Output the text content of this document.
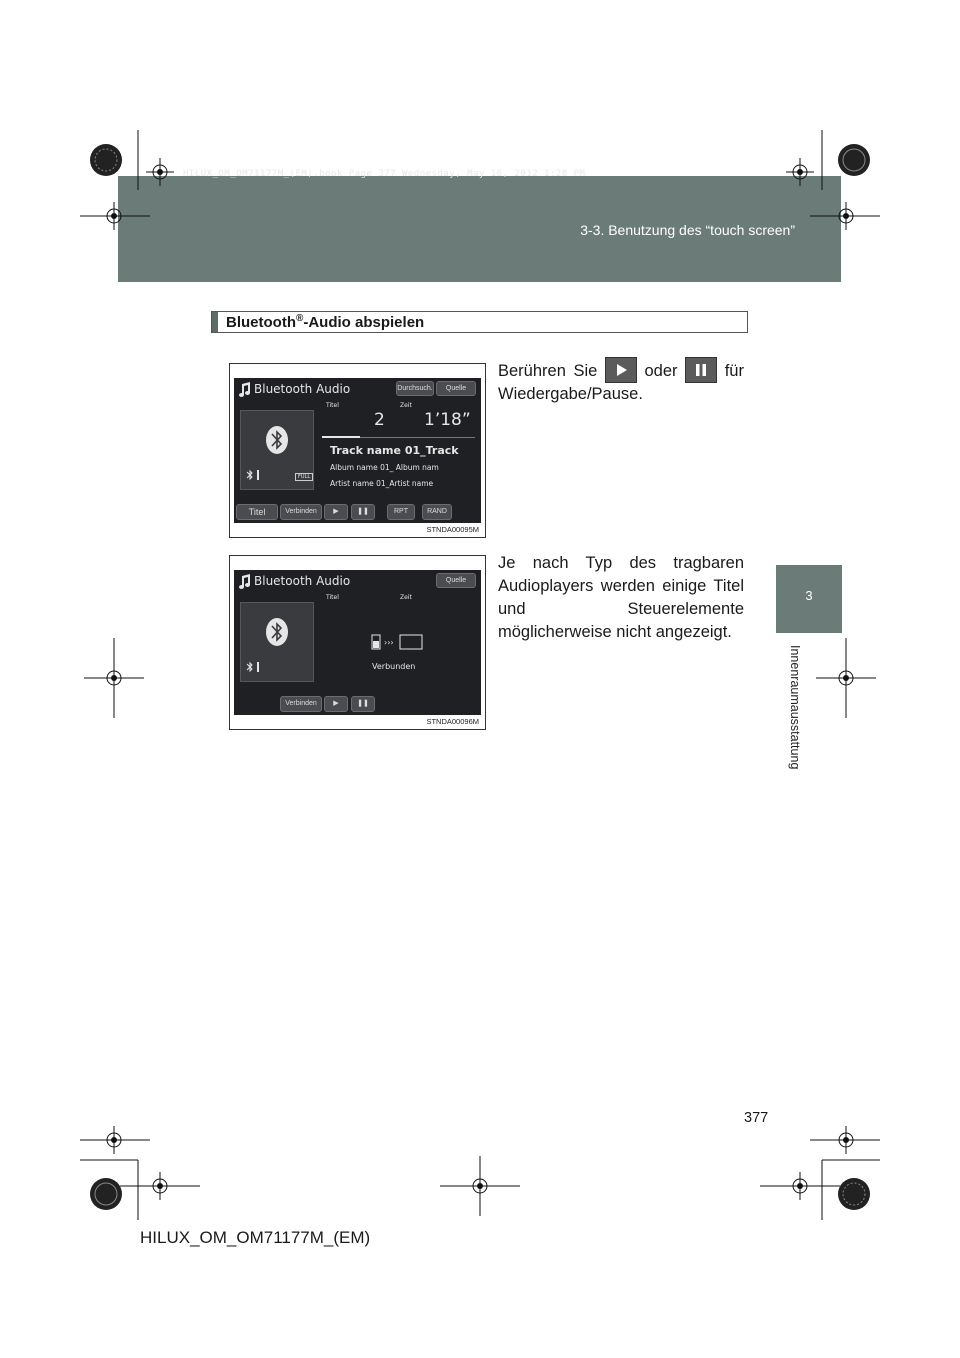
HILUX_OM_OM71177M_(EM).book Page 377 Wednesday, May 16, 2012 1:28 PM
3-3. Benutzung des “touch screen”
3
Innenraumausstattung
Bluetooth®-Audio abspielen
Berühren Sie	oder	für Wiedergabe/Pause.
Je nach Typ des tragbaren Audioplayers werden einige Titel und Steuerelemente möglicherweise nicht angezeigt.
Bluetooth Audio	Durchsuch.	Quelle
FULL
Titel	Zeit
2 1’18”
Track name 01_Track
Album name 01_ Album nam
Artist name 01_Artist name
Titel	Verbinden	▶	❚❚	RPT	RAND
STNDA00095M
Bluetooth Audio	Quelle
Titel	Zeit
›››
Verbunden
Verbinden	▶	❚❚
STNDA00096M
377
HILUX_OM_OM71177M_(EM)
